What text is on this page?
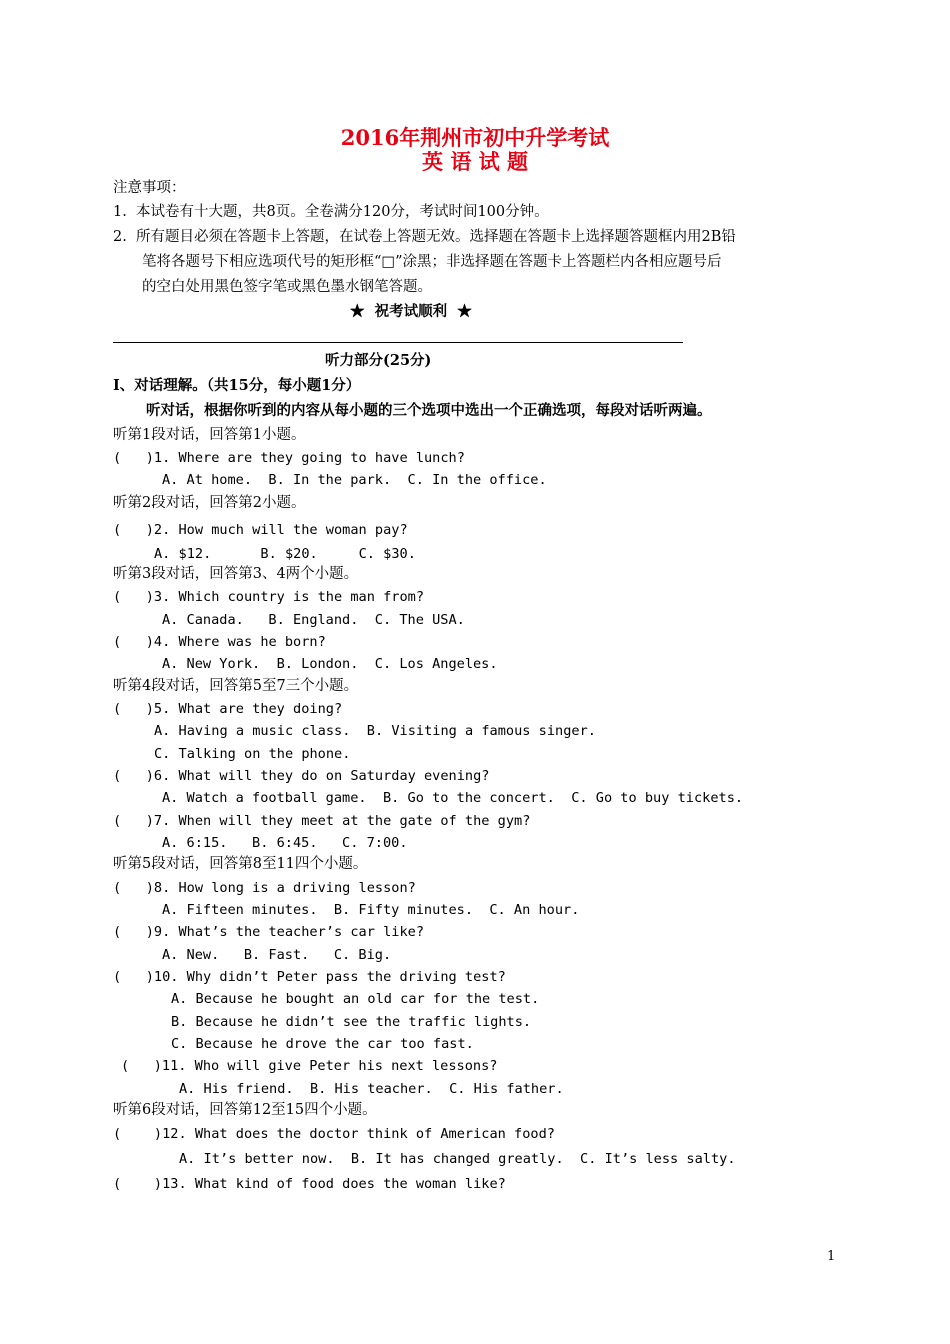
2016年荆州市初中升学考试
英 语 试 题
注意事项：
1.  本试卷有十大题，共8页。全卷满分120分，考试时间100分钟。
2.  所有题目必须在答题卡上答题，在试卷上答题无效。选择题在答题卡上选择题答题框内用2B铅
笔将各题号下相应选项代号的矩形框“□”涂黑；非选择题在答题卡上答题栏内各相应题号后
的空白处用黑色签字笔或黑色墨水钢笔答题。
★  祝考试顺利  ★
听力部分(25分)
Ⅰ、对话理解。（共15分，每小题1分）
听对话，根据你听到的内容从每小题的三个选项中选出一个正确选项，每段对话听两遍。
听第1段对话，回答第1小题。
(   )1. Where are they going to have lunch?
A. At home.  B. In the park.  C. In the office.
听第2段对话，回答第2小题。
(   )2. How much will the woman pay?
A. $12.      B. $20.     C. $30.
听第3段对话，回答第3、4两个小题。
(   )3. Which country is the man from?
A. Canada.   B. England.  C. The USA.
(   )4. Where was he born?
A. New York.  B. London.  C. Los Angeles.
听第4段对话，回答第5至7三个小题。
(   )5. What are they doing?
A. Having a music class.  B. Visiting a famous singer.
C. Talking on the phone.
(   )6. What will they do on Saturday evening?
A. Watch a football game.  B. Go to the concert.  C. Go to buy tickets.
(   )7. When will they meet at the gate of the gym?
A. 6:15.   B. 6:45.   C. 7:00.
听第5段对话，回答第8至11四个小题。
(   )8. How long is a driving lesson?
A. Fifteen minutes.  B. Fifty minutes.  C. An hour.
(   )9. What’s the teacher’s car like?
A. New.   B. Fast.   C. Big.
(   )10. Why didn’t Peter pass the driving test?
A. Because he bought an old car for the test.
B. Because he didn’t see the traffic lights.
C. Because he drove the car too fast.
(   )11. Who will give Peter his next lessons?
A. His friend.  B. His teacher.  C. His father.
听第6段对话，回答第12至15四个小题。
(    )12. What does the doctor think of American food?
A. It’s better now.  B. It has changed greatly.  C. It’s less salty.
(    )13. What kind of food does the woman like?
1
